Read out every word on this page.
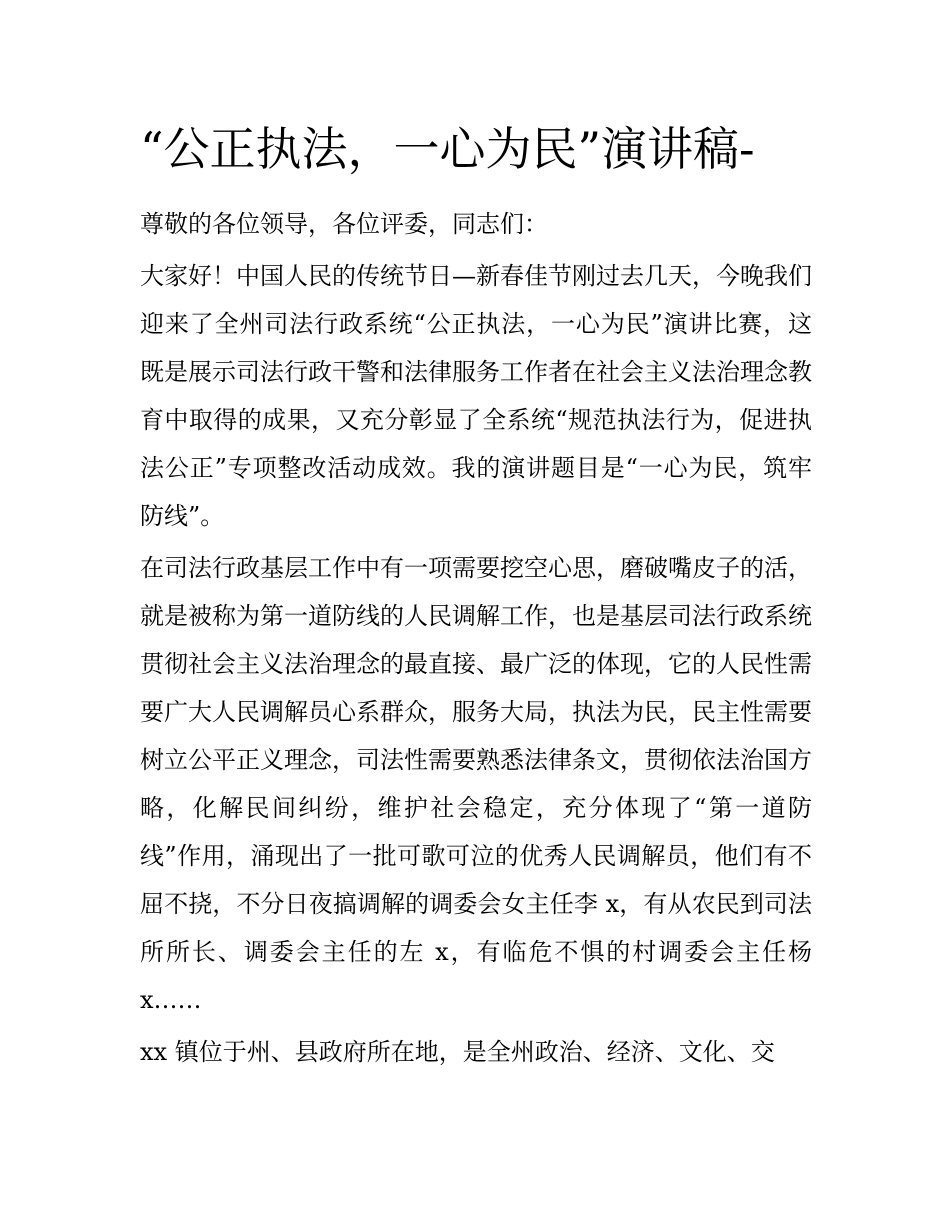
“公正执法，一心为民”演讲稿-

尊敬的各位领导，各位评委，同志们：

大家好！中国人民的传统节日—新春佳节刚过去几天，今晚我们迎来了全州司法行政系统“公正执法，一心为民”演讲比赛，这既是展示司法行政干警和法律服务工作者在社会主义法治理念教育中取得的成果，又充分彰显了全系统“规范执法行为，促进执法公正”专项整改活动成效。我的演讲题目是“一心为民，筑牢防线”。

在司法行政基层工作中有一项需要挖空心思，磨破嘴皮子的活，就是被称为第一道防线的人民调解工作，也是基层司法行政系统贯彻社会主义法治理念的最直接、最广泛的体现，它的人民性需要广大人民调解员心系群众，服务大局，执法为民，民主性需要树立公平正义理念，司法性需要熟悉法律条文，贯彻依法治国方略，化解民间纠纷，维护社会稳定，充分体现了“第一道防线”作用，涌现出了一批可歌可泣的优秀人民调解员，他们有不屈不挠，不分日夜搞调解的调委会女主任李 x，有从农民到司法所所长、调委会主任的左 x，有临危不惧的村调委会主任杨 x……

xx 镇位于州、县政府所在地，是全州政治、经济、文化、交
